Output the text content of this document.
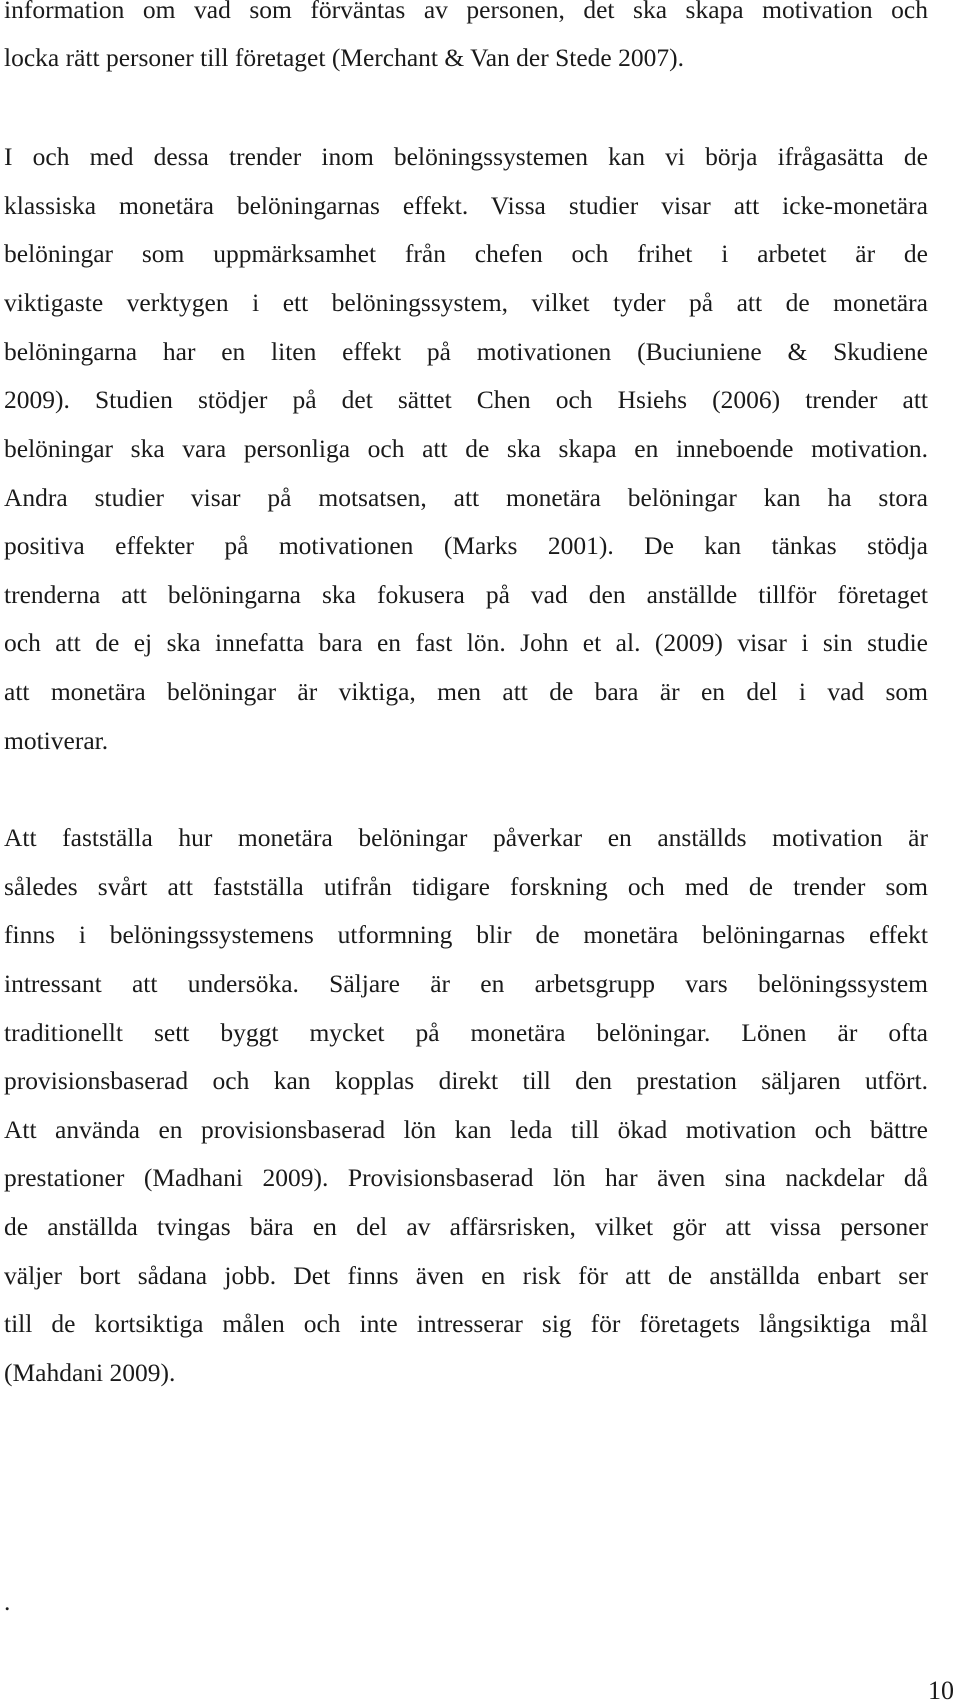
information om vad som förväntas av personen, det ska skapa motivation och

locka rätt personer till företaget (Merchant & Van der Stede 2007).

I och med dessa trender inom belöningssystemen kan vi börja ifrågasätta de

klassiska monetära belöningarnas effekt. Vissa studier visar att icke-monetära

belöningar som uppmärksamhet från chefen och frihet i arbetet är de

viktigaste verktygen i ett belöningssystem, vilket tyder på att de monetära

belöningarna har en liten effekt på motivationen (Buciuniene & Skudiene

2009). Studien stödjer på det sättet Chen och Hsiehs (2006) trender att

belöningar ska vara personliga och att de ska skapa en inneboende motivation.

Andra studier visar på motsatsen, att monetära belöningar kan ha stora

positiva effekter på motivationen (Marks 2001). De kan tänkas stödja

trenderna att belöningarna ska fokusera på vad den anställde tillför företaget

och att de ej ska innefatta bara en fast lön. John et al. (2009) visar i sin studie

att monetära belöningar är viktiga, men att de bara är en del i vad som

motiverar.

Att fastställa hur monetära belöningar påverkar en anställds motivation är

således svårt att fastställa utifrån tidigare forskning och med de trender som

finns i belöningssystemens utformning blir de monetära belöningarnas effekt

intressant att undersöka. Säljare är en arbetsgrupp vars belöningssystem

traditionellt sett byggt mycket på monetära belöningar. Lönen är ofta

provisionsbaserad och kan kopplas direkt till den prestation säljaren utfört.

Att använda en provisionsbaserad lön kan leda till ökad motivation och bättre

prestationer (Madhani 2009). Provisionsbaserad lön har även sina nackdelar då

de anställda tvingas bära en del av affärsrisken, vilket gör att vissa personer

väljer bort sådana jobb. Det finns även en risk för att de anställda enbart ser

till de kortsiktiga målen och inte intresserar sig för företagets långsiktiga mål

(Mahdani 2009).

.

10
